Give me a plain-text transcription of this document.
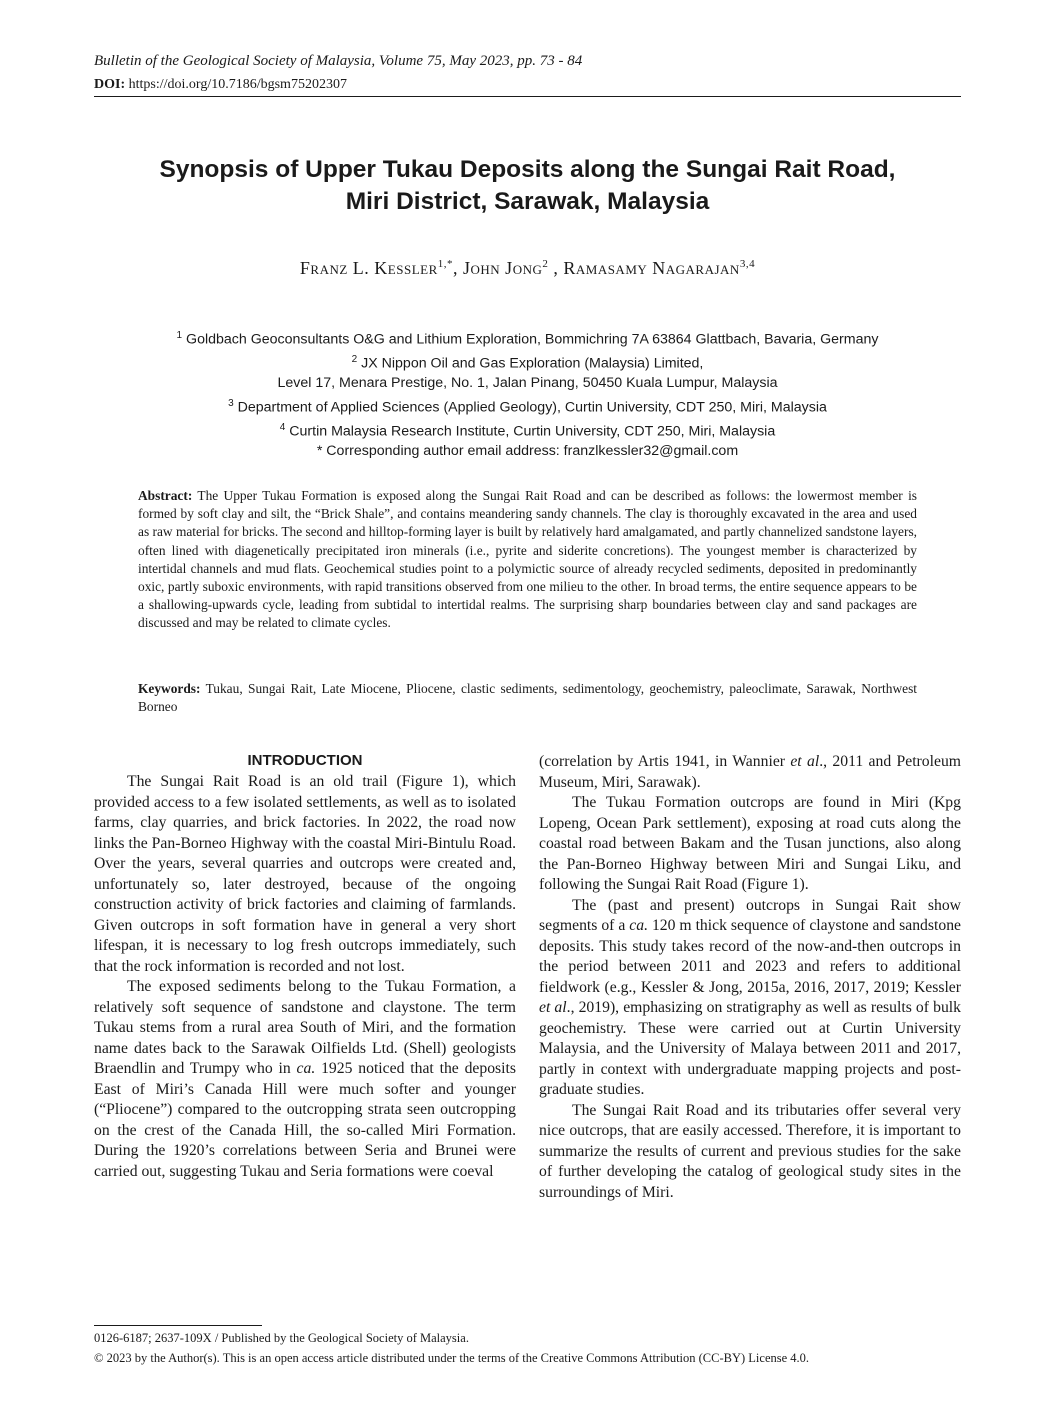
Bulletin of the Geological Society of Malaysia, Volume 75, May 2023, pp. 73 - 84
DOI: https://doi.org/10.7186/bgsm75202307
Synopsis of Upper Tukau Deposits along the Sungai Rait Road,
Miri District, Sarawak, Malaysia
Franz L. Kessler$^{1,*}$, John Jong$^2$ , Ramasamy Nagarajan$^{3,4}$
$^1$ Goldbach Geoconsultants O&G and Lithium Exploration, Bommichring 7A 63864 Glattbach, Bavaria, Germany
$^2$ JX Nippon Oil and Gas Exploration (Malaysia) Limited,
Level 17, Menara Prestige, No. 1, Jalan Pinang, 50450 Kuala Lumpur, Malaysia
$^3$ Department of Applied Sciences (Applied Geology), Curtin University, CDT 250, Miri, Malaysia
$^4$ Curtin Malaysia Research Institute, Curtin University, CDT 250, Miri, Malaysia
* Corresponding author email address: franzlkessler32@gmail.com
Abstract: The Upper Tukau Formation is exposed along the Sungai Rait Road and can be described as follows: the lowermost member is formed by soft clay and silt, the “Brick Shale”, and contains meandering sandy channels. The clay is thoroughly excavated in the area and used as raw material for bricks. The second and hilltop-forming layer is built by relatively hard amalgamated, and partly channelized sandstone layers, often lined with diagenetically precipitated iron minerals (i.e., pyrite and siderite concretions). The youngest member is characterized by intertidal channels and mud flats. Geochemical studies point to a polymictic source of already recycled sediments, deposited in predominantly oxic, partly suboxic environments, with rapid transitions observed from one milieu to the other. In broad terms, the entire sequence appears to be a shallowing-upwards cycle, leading from subtidal to intertidal realms. The surprising sharp boundaries between clay and sand packages are discussed and may be related to climate cycles.
Keywords: Tukau, Sungai Rait, Late Miocene, Pliocene, clastic sediments, sedimentology, geochemistry, paleoclimate, Sarawak, Northwest Borneo
INTRODUCTION

The Sungai Rait Road is an old trail (Figure 1), which provided access to a few isolated settlements, as well as to isolated farms, clay quarries, and brick factories. In 2022, the road now links the Pan-Borneo Highway with the coastal Miri-Bintulu Road. Over the years, several quarries and outcrops were created and, unfortunately so, later destroyed, because of the ongoing construction activity of brick factories and claiming of farmlands. Given outcrops in soft formation have in general a very short lifespan, it is necessary to log fresh outcrops immediately, such that the rock information is recorded and not lost.

The exposed sediments belong to the Tukau Formation, a relatively soft sequence of sandstone and claystone. The term Tukau stems from a rural area South of Miri, and the formation name dates back to the Sarawak Oilfields Ltd. (Shell) geologists Braendlin and Trumpy who in ca. 1925 noticed that the deposits East of Miri’s Canada Hill were much softer and younger (“Pliocene”) compared to the outcropping strata seen outcropping on the crest of the Canada Hill, the so-called Miri Formation. During the 1920’s correlations between Seria and Brunei were carried out, suggesting Tukau and Seria formations were coeval

(correlation by Artis 1941, in Wannier et al., 2011 and Petroleum Museum, Miri, Sarawak).

The Tukau Formation outcrops are found in Miri (Kpg Lopeng, Ocean Park settlement), exposing at road cuts along the coastal road between Bakam and the Tusan junctions, also along the Pan-Borneo Highway between Miri and Sungai Liku, and following the Sungai Rait Road (Figure 1).

The (past and present) outcrops in Sungai Rait show segments of a ca. 120 m thick sequence of claystone and sandstone deposits. This study takes record of the now-and-then outcrops in the period between 2011 and 2023 and refers to additional fieldwork (e.g., Kessler & Jong, 2015a, 2016, 2017, 2019; Kessler et al., 2019), emphasizing on stratigraphy as well as results of bulk geochemistry. These were carried out at Curtin University Malaysia, and the University of Malaya between 2011 and 2017, partly in context with undergraduate mapping projects and post-graduate studies.

The Sungai Rait Road and its tributaries offer several very nice outcrops, that are easily accessed. Therefore, it is important to summarize the results of current and previous studies for the sake of further developing the catalog of geological study sites in the surroundings of Miri.

0126-6187; 2637-109X / Published by the Geological Society of Malaysia.
© 2023 by the Author(s). This is an open access article distributed under the terms of the Creative Commons Attribution (CC-BY) License 4.0.
